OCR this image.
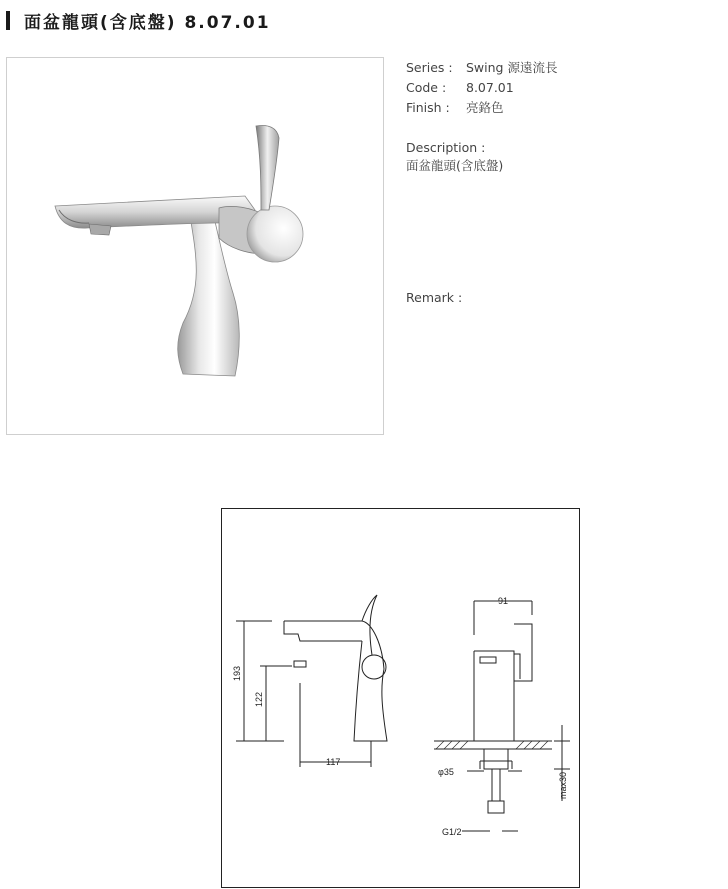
面盆龍頭(含底盤) 8.07.01
Series : Swing 源遠流長
Code : 8.07.01
Finish : 亮鉻色
Description :
面盆龍頭(含底盤)
Remark :
193
122
117
91
φ35	max30
G1/2
